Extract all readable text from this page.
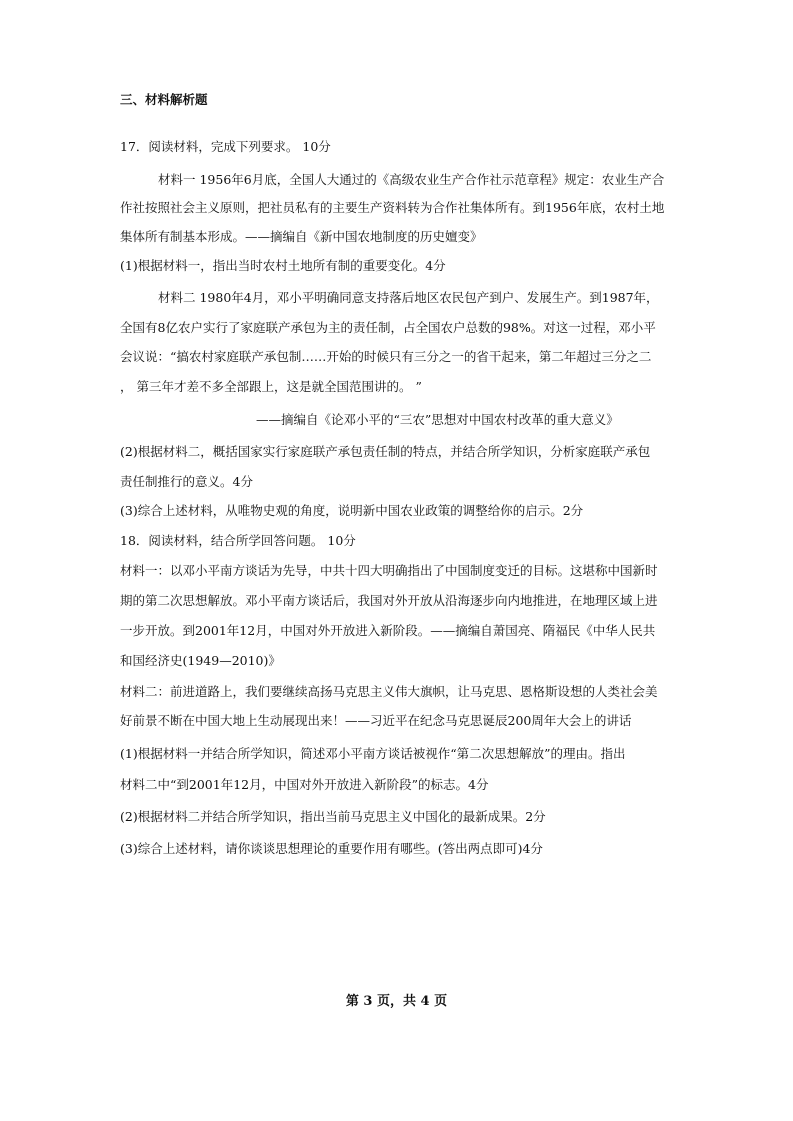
三、材料解析题
17．阅读材料，完成下列要求。 10分
材料一 1956年6月底，全国人大通过的《高级农业生产合作社示范章程》规定：农业生产合
作社按照社会主义原则，把社员私有的主要生产资料转为合作社集体所有。到1956年底，农村土地
集体所有制基本形成。——摘编自《新中国农地制度的历史嬗变》
(1)根据材料一，指出当时农村土地所有制的重要变化。4分
材料二 1980年4月，邓小平明确同意支持落后地区农民包产到户、发展生产。到1987年，
全国有8亿农户实行了家庭联产承包为主的责任制，占全国农户总数的98%。对这一过程，邓小平
会议说：“搞农村家庭联产承包制……开始的时候只有三分之一的省干起来，第二年超过三分之二
， 第三年才差不多全部跟上，这是就全国范围讲的。 ”
——摘编自《论邓小平的“三农”思想对中国农村改革的重大意义》
(2)根据材料二，概括国家实行家庭联产承包责任制的特点，并结合所学知识，分析家庭联产承包
责任制推行的意义。4分
(3)综合上述材料，从唯物史观的角度，说明新中国农业政策的调整给你的启示。2分
18．阅读材料，结合所学回答问题。 10分
材料一：以邓小平南方谈话为先导，中共十四大明确指出了中国制度变迁的目标。这堪称中国新时
期的第二次思想解放。邓小平南方谈话后，我国对外开放从沿海逐步向内地推进，在地理区域上进
一步开放。到2001年12月，中国对外开放进入新阶段。——摘编自萧国亮、隋福民《中华人民共
和国经济史(1949—2010)》
材料二：前进道路上，我们要继续高扬马克思主义伟大旗帜，让马克思、恩格斯设想的人类社会美
好前景不断在中国大地上生动展现出来！——习近平在纪念马克思诞辰200周年大会上的讲话
(1)根据材料一并结合所学知识，简述邓小平南方谈话被视作“第二次思想解放”的理由。指出
材料二中“到2001年12月，中国对外开放进入新阶段”的标志。4分
(2)根据材料二并结合所学知识，指出当前马克思主义中国化的最新成果。2分
(3)综合上述材料，请你谈谈思想理论的重要作用有哪些。(答出两点即可)4分
第 3 页，共 4 页
